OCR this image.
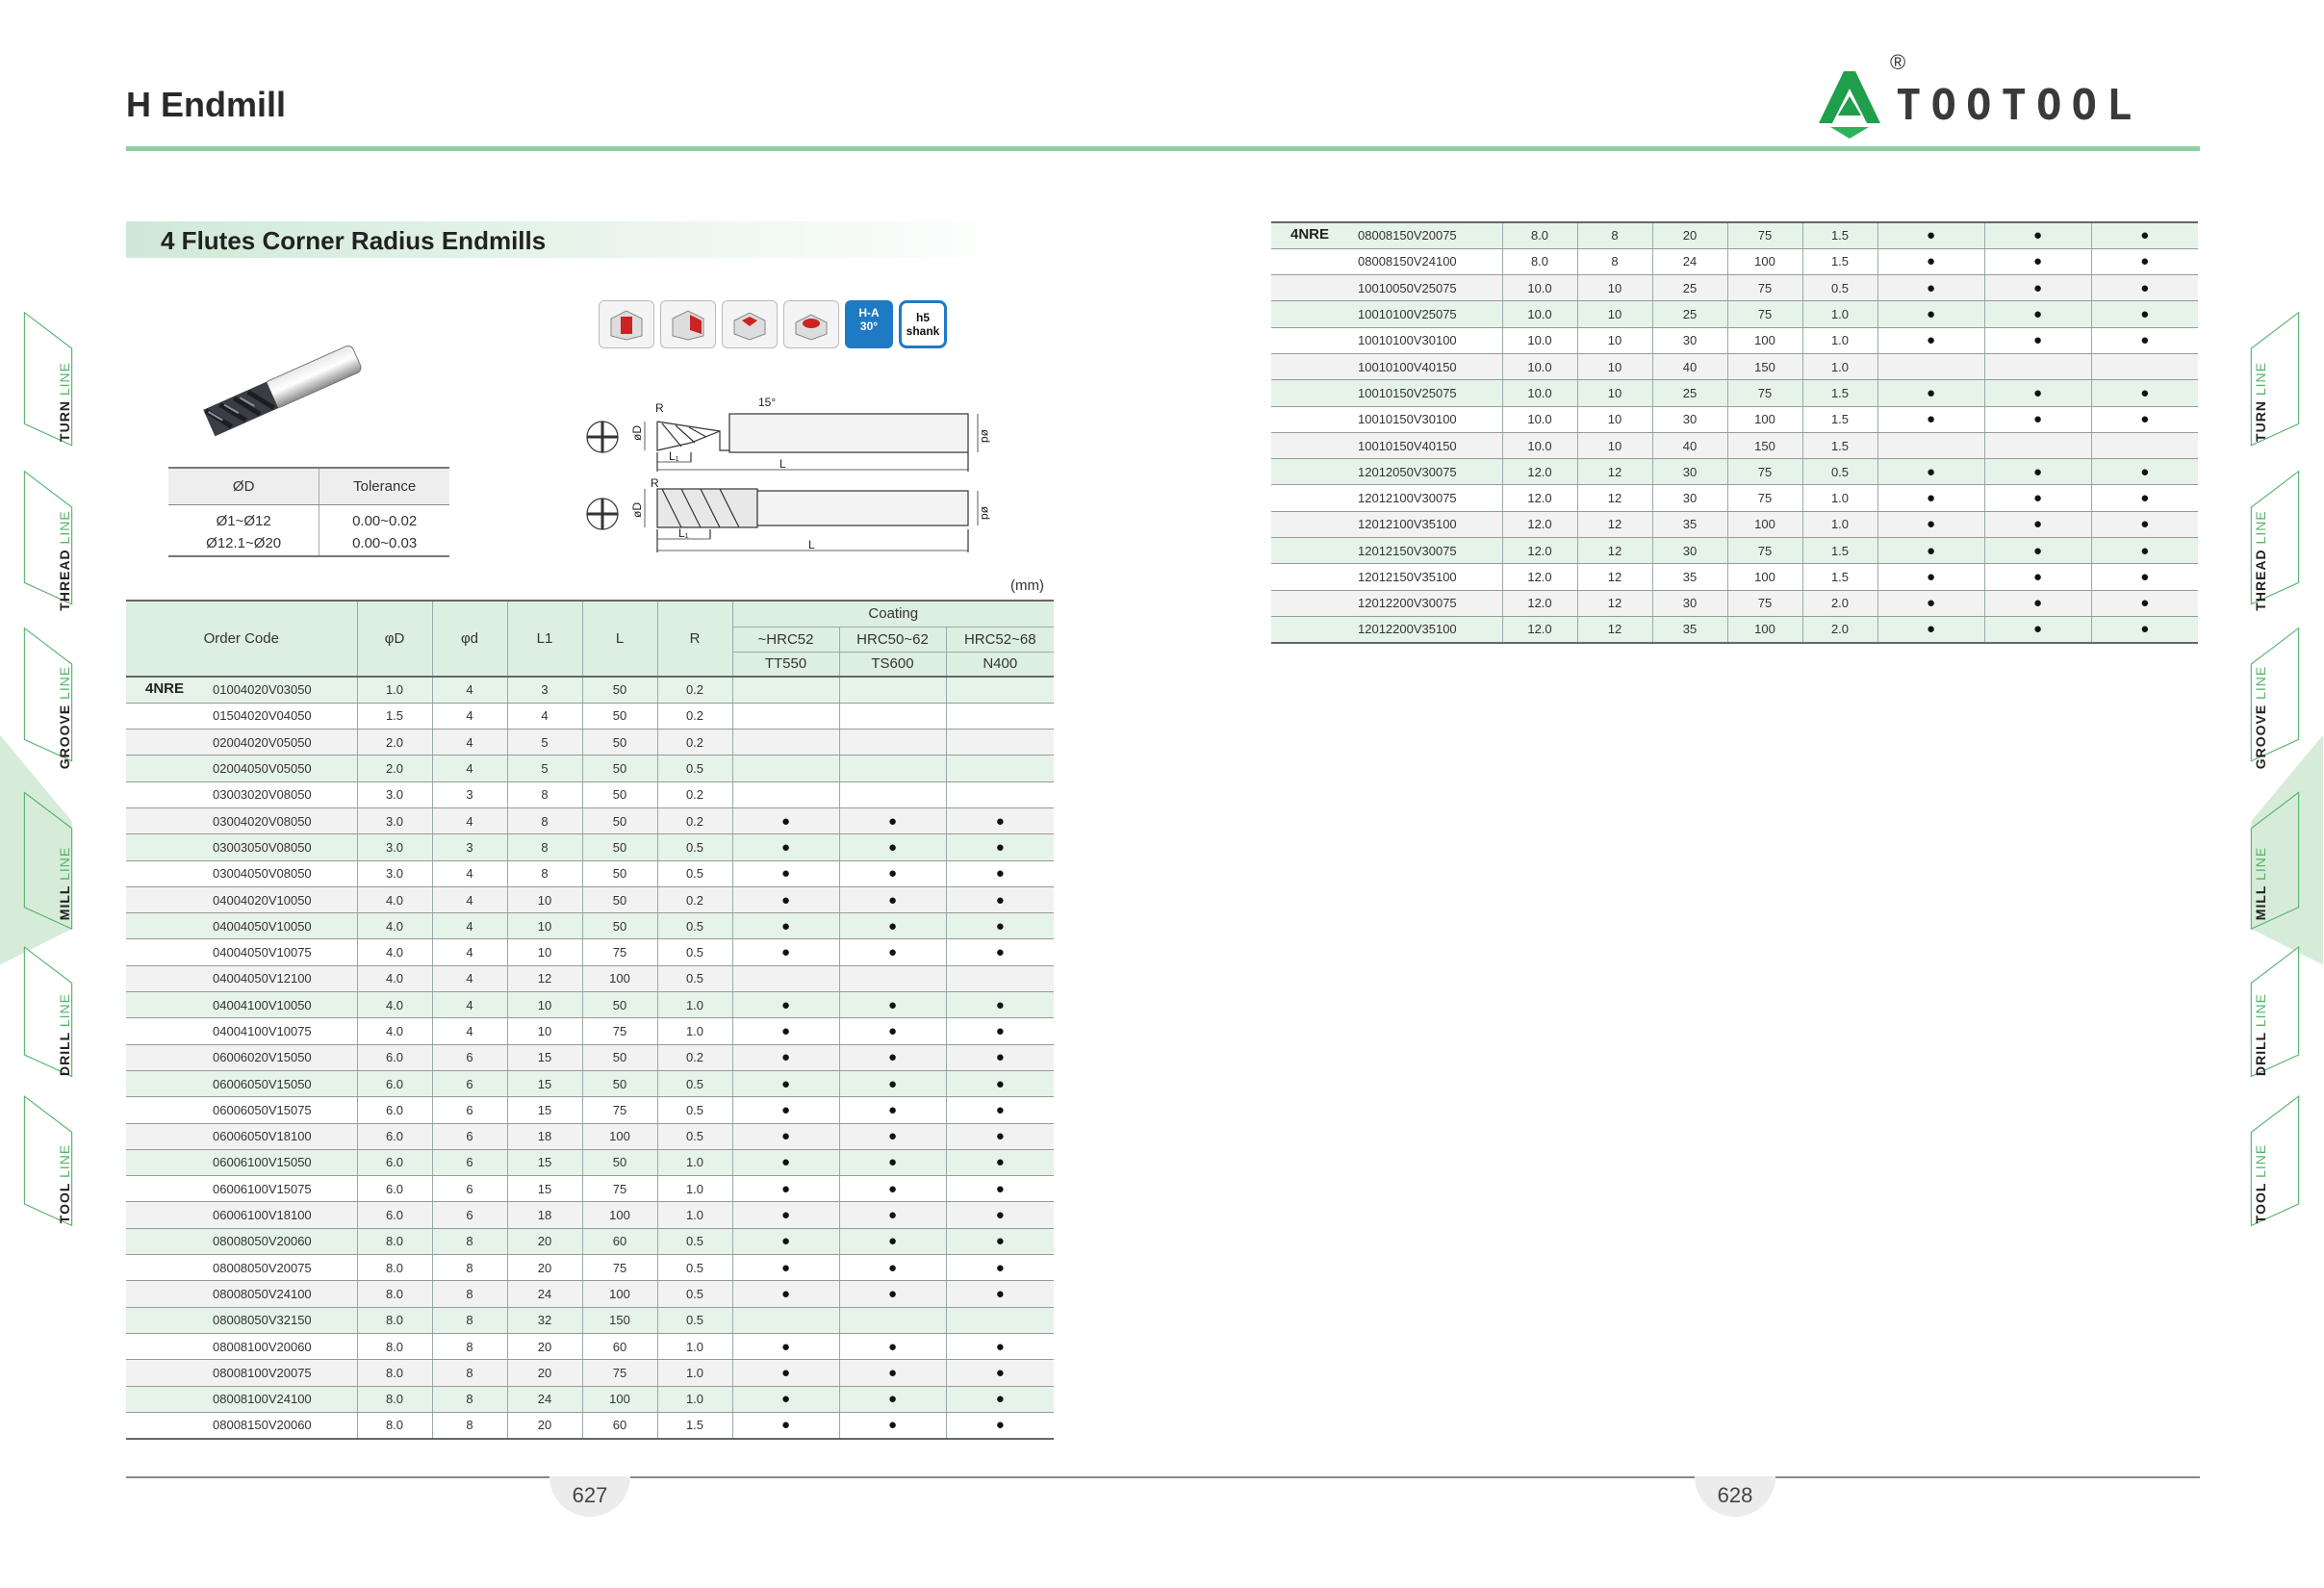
H Endmill
®
TOOTOOL
4 Flutes Corner Radius Endmills
ØD	Tolerance
Ø1~Ø12	0.00~0.02
Ø12.1~Ø20	0.00~0.03
H-A
30°
h5
shank
15°
R
R
øD
øD
ød
ød
L₁
L
L₁
L
(mm)
Order Code	φD	φd	L1	L	R	Coating		
						~HRC52	HRC50~62	HRC52~68
						TT550	TS600	N400

4NRE 01004020V03050	1.0	4	3	50	0.2			
01504020V04050	1.5	4	4	50	0.2			
02004020V05050	2.0	4	5	50	0.2			
02004050V05050	2.0	4	5	50	0.5			
03003020V08050	3.0	3	8	50	0.2			
03004020V08050	3.0	4	8	50	0.2	●	●	●
03003050V08050	3.0	3	8	50	0.5	●	●	●
03004050V08050	3.0	4	8	50	0.5	●	●	●
04004020V10050	4.0	4	10	50	0.2	●	●	●
04004050V10050	4.0	4	10	50	0.5	●	●	●
04004050V10075	4.0	4	10	75	0.5	●	●	●
04004050V12100	4.0	4	12	100	0.5			
04004100V10050	4.0	4	10	50	1.0	●	●	●
04004100V10075	4.0	4	10	75	1.0	●	●	●
06006020V15050	6.0	6	15	50	0.2	●	●	●
06006050V15050	6.0	6	15	50	0.5	●	●	●
06006050V15075	6.0	6	15	75	0.5	●	●	●
06006050V18100	6.0	6	18	100	0.5	●	●	●
06006100V15050	6.0	6	15	50	1.0	●	●	●
06006100V15075	6.0	6	15	75	1.0	●	●	●
06006100V18100	6.0	6	18	100	1.0	●	●	●
08008050V20060	8.0	8	20	60	0.5	●	●	●
08008050V20075	8.0	8	20	75	0.5	●	●	●
08008050V24100	8.0	8	24	100	0.5	●	●	●
08008050V32150	8.0	8	32	150	0.5			
08008100V20060	8.0	8	20	60	1.0	●	●	●
08008100V20075	8.0	8	20	75	1.0	●	●	●
08008100V24100	8.0	8	24	100	1.0	●	●	●
08008150V20060	8.0	8	20	60	1.5	●	●	●
4NRE 08008150V20075	8.0	8	20	75	1.5	●	●	●
08008150V24100	8.0	8	24	100	1.5	●	●	●
10010050V25075	10.0	10	25	75	0.5	●	●	●
10010100V25075	10.0	10	25	75	1.0	●	●	●
10010100V30100	10.0	10	30	100	1.0	●	●	●
10010100V40150	10.0	10	40	150	1.0			
10010150V25075	10.0	10	25	75	1.5	●	●	●
10010150V30100	10.0	10	30	100	1.5	●	●	●
10010150V40150	10.0	10	40	150	1.5			
12012050V30075	12.0	12	30	75	0.5	●	●	●
12012100V30075	12.0	12	30	75	1.0	●	●	●
12012100V35100	12.0	12	35	100	1.0	●	●	●
12012150V30075	12.0	12	30	75	1.5	●	●	●
12012150V35100	12.0	12	35	100	1.5	●	●	●
12012200V30075	12.0	12	30	75	2.0	●	●	●
12012200V35100	12.0	12	35	100	2.0	●	●	●
TURN LINE
THREAD LINE
GROOVE LINE
MILL LINE
DRILL LINE
TOOL LINE
TURN LINE
THREAD LINE
GROOVE LINE
MILL LINE
DRILL LINE
TOOL LINE
627	628
